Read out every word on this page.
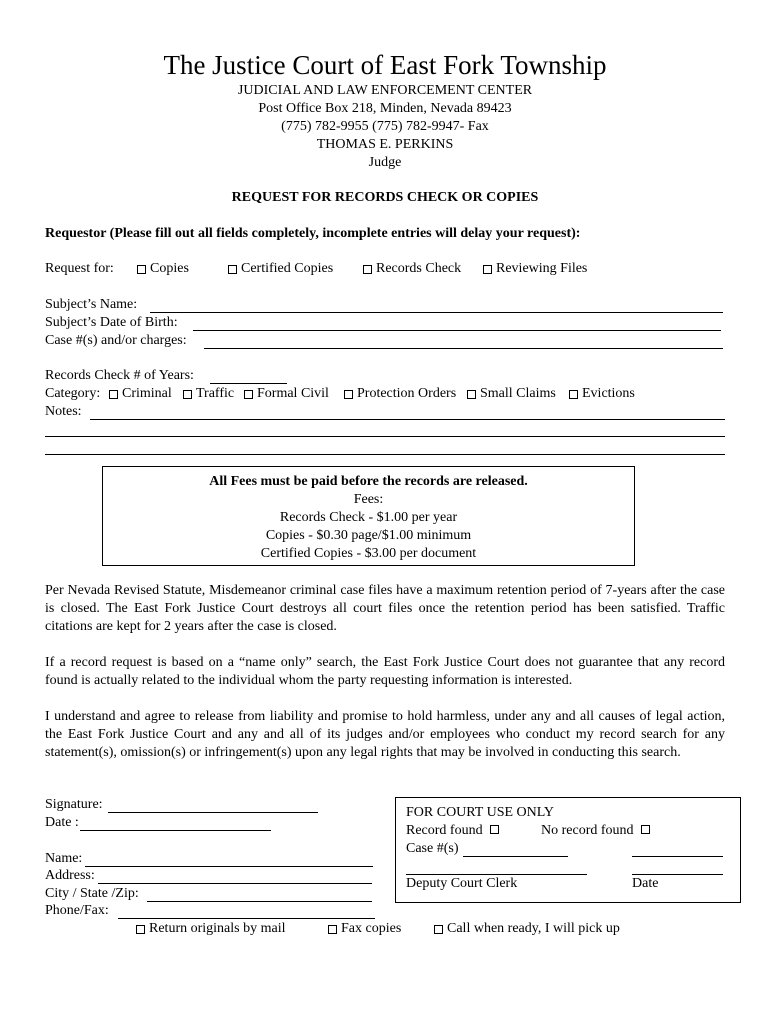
The Justice Court of East Fork Township
JUDICIAL AND LAW ENFORCEMENT CENTER
Post Office Box 218, Minden, Nevada 89423
(775) 782-9955 (775) 782-9947- Fax
THOMAS E. PERKINS
Judge
REQUEST FOR RECORDS CHECK OR COPIES
Requestor (Please fill out all fields completely, incomplete entries will delay your request):
Request for:	Copies	Certified Copies	Records Check Reviewing Files
Subject’s Name:
Subject’s Date of Birth:
Case #(s) and/or charges:
Records Check # of Years:
Category: Criminal Traffic Formal Civil Protection Orders Small Claims Evictions
Notes:
All Fees must be paid before the records are released.
Fees:
Records Check - $1.00 per year
Copies - $0.30 page/$1.00 minimum
Certified Copies - $3.00 per document
Per Nevada Revised Statute, Misdemeanor criminal case files have a maximum retention period of 7-years after the case is closed. The East Fork Justice Court destroys all court files once the retention period has been satisfied. Traffic citations are kept for 2 years after the case is closed.
If a record request is based on a “name only” search, the East Fork Justice Court does not guarantee that any record found is actually related to the individual whom the party requesting information is interested.
I understand and agree to release from liability and promise to hold harmless, under any and all causes of legal action, the East Fork Justice Court and any and all of its judges and/or employees who conduct my record search for any statement(s), omission(s) or infringement(s) upon any legal rights that may be involved in conducting this search.
Signature:
Date :
Name:
Address:
City / State /Zip:
Phone/Fax:
FOR COURT USE ONLY
Record found	No record found
Case #(s)
Deputy Court Clerk	Date
Return originals by mail	Fax copies	Call when ready, I will pick up
